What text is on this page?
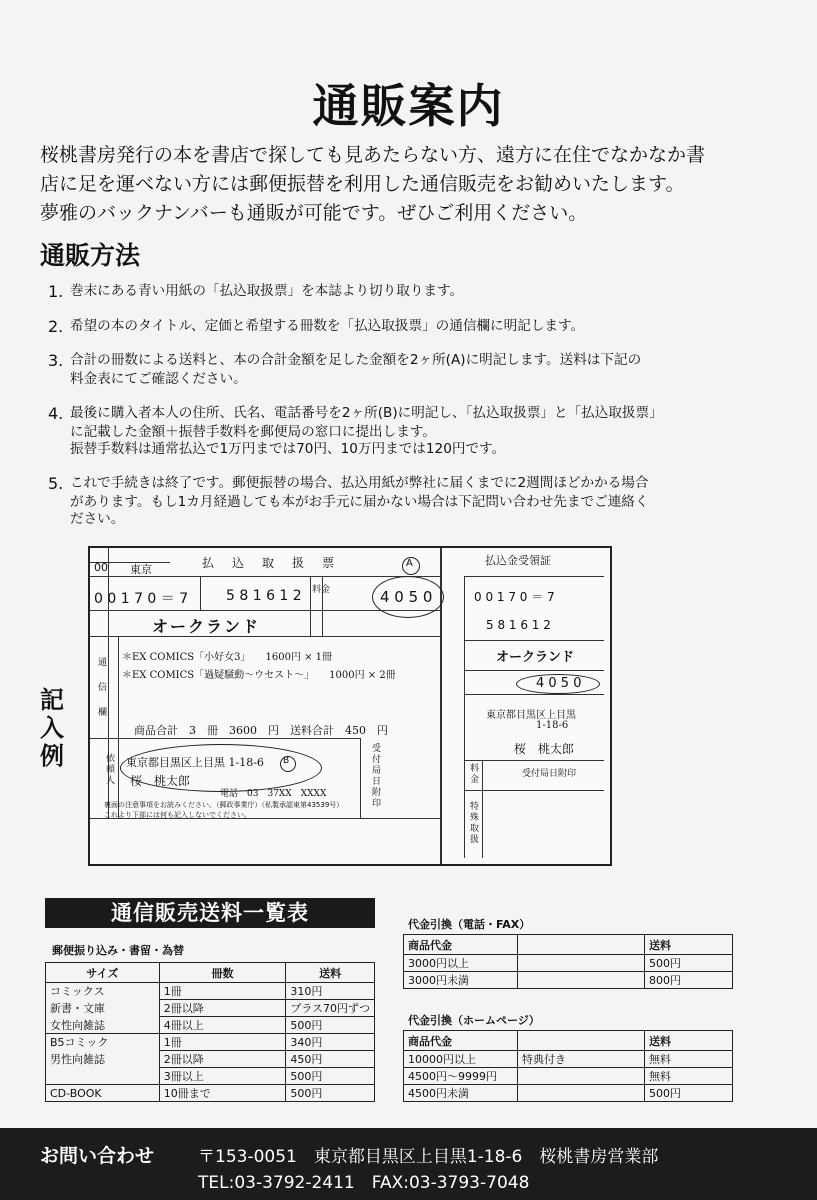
通販案内
桜桃書房発行の本を書店で探しても見あたらない方、遠方に在住でなかなか書
店に足を運べない方には郵便振替を利用した通信販売をお勧めいたします。
夢雅のバックナンバーも通販が可能です。ぜひご利用ください。
通販方法
1. 巻末にある青い用紙の「払込取扱票」を本誌より切り取ります。
2. 希望の本のタイトル、定価と希望する冊数を「払込取扱票」の通信欄に明記します。
3. 合計の冊数による送料と、本の合計金額を足した金額を2ヶ所(A)に明記します。送料は下記の
料金表にてご確認ください。
4. 最後に購入者本人の住所、氏名、電話番号を2ヶ所(B)に明記し、「払込取扱票」と「払込取扱票」
に記載した金額＋振替手数料を郵便局の窓口に提出します。
振替手数料は通常払込で1万円までは70円、10万円までは120円です。
5. これで手続きは終了です。郵便振替の場合、払込用紙が弊社に届くまでに2週間ほどかかる場合
があります。もし1カ月経過しても本がお手元に届かない場合は下記問い合わせ先までご連絡く
ださい。
記入例
00 東京	払　込　取　扱　票
0 0 1 7 0 ＝ 7	5 8 1 6 1 2 料金	4 0 5 0
A
オークランド
通
信
欄
＊EX COMICS「小好女3」　　1600円 × 1冊
＊EX COMICS「過疑騒動～ウセスト～」　　1000円 × 2冊
商品合計　3　冊　3600　円 送料合計　450　円
依頼人
東京都目黒区上目黒 1-18-6
桜　桃太郎
電話　03　37XX　XXXX
B
受付局日附印
裏面の注意事項をお読みください。（郵政事業庁）（私製承認東第43539号）
これより下部には何も記入しないでください。
払込金受領証
0 0 1 7 0 ＝ 7
5 8 1 6 1 2
オークランド
4 0 5 0
東京都目黒区上目黒
1-18-6
桜　桃太郎
受付局日附印
料金
特殊取扱
通信販売送料一覧表
郵便振り込み・書留・為替
サイズ	冊数	送料
コミックス	1冊	310円
新書・文庫	2冊以降	プラス70円ずつ
女性向雑誌	4冊以上	500円
B5コミック	1冊	340円
男性向雑誌	2冊以降	450円
	3冊以上	500円
CD-BOOK	10冊まで	500円
代金引換（電話・FAX）
商品代金		送料
3000円以上		500円
3000円未満		800円
代金引換（ホームページ）
商品代金		送料
10000円以上	特典付き	無料
4500円～9999円		無料
4500円未満		500円
お問い合わせ	〒153-0051　東京都目黒区上目黒1-18-6　桜桃書房営業部
TEL:03-3792-2411　FAX:03-3793-7048
